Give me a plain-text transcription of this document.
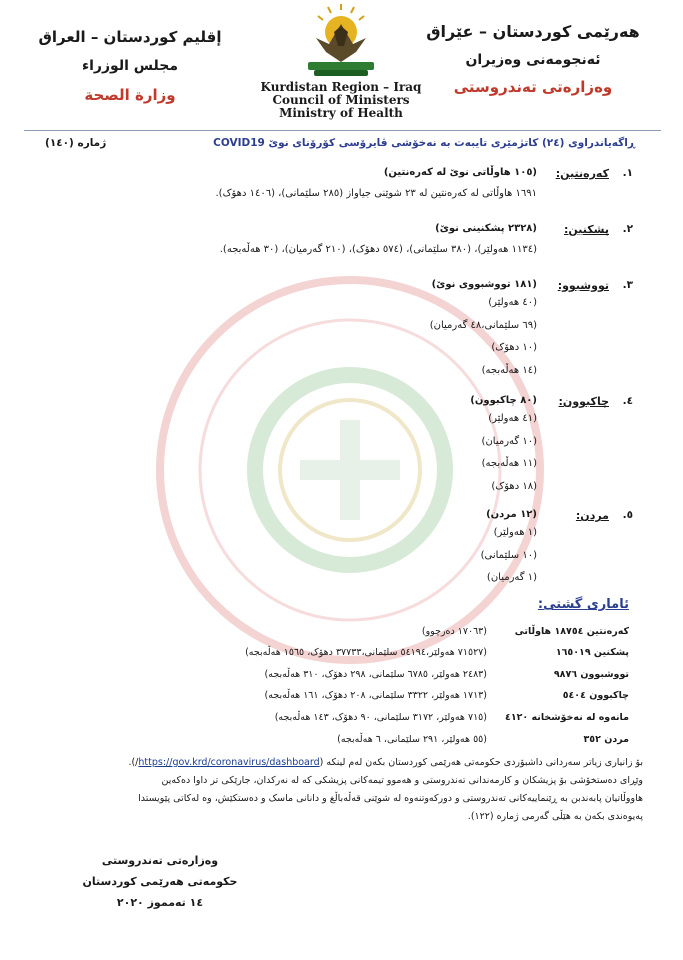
هەرێمی کوردستان – عێراق
ئەنجومەنی وەزیران
وەزارەتی تەندروستی
إقليم كوردستان – العراق
مجلس الوزراء
وزارة الصحة	Kurdistan Region – Iraq
Council of Ministers
Ministry of Health
ڕاگەیاندراوی (٢٤) کاتژمێری تایبەت بە نەخۆشی ڤایرۆسی کۆرۆنای نوێ COVID19
ژمارە (١٤٠)
١.
کەرەنتین:
(١٠٥ هاوڵاتی نوێ لە کەرەنتین)
١٦٩١ هاوڵاتی لە کەرەنتین لە ٢٣ شوێنی جیاواز (٢٨٥ سلێمانی)، (١٤٠٦ دهۆک).
٢.
پشکنین:
(٢٣٢٨ پشکنینی نوێ)
(١١٣٤ هەولێر)، (٣٨٠ سلێمانی)، (٥٧٤ دهۆک)، (٢١٠ گەرمیان)، (٣٠ هەڵەبجە).
٣.
تووشبوو:
(١٨١ تووشبووی نوێ)
(٤٠ هەولێر)
(٦٩ سلێمانی،٤٨ گەرمیان)
(١٠ دهۆک)
(١٤ هەڵەبجە)
٤.
چاکبوون:
(٨٠ چاکبوون)
(٤١ هەولێر)
(١٠ گەرمیان)
(١١ هەڵەبجە)
(١٨ دهۆک)
٥.
مردن:
(١٢ مردن)
(١ هەولێر)
(١٠ سلێمانی)
(١ گەرمیان)
ئاماری گشتی:
کەرەنتین ١٨٧٥٤ هاوڵاتی
(١٧٠٦٣ دەرچوو)
پشکنین ١٦٥٠١٩
(٧١٥٢٧ هەولێر،٥٤١٩٤ سلێمانی،٣٧٧٣٣ دهۆک، ١٥٦٥ هەڵەبجە)
تووشبوون ٩٨٧٦
(٢٤٨٣ هەولێر، ٦٧٨٥ سلێمانی، ٢٩٨ دهۆک، ٣١٠ هەڵەبجە)
چاکبوون ٥٤٠٤
(١٧١٣ هەولێر، ٣٣٢٢ سلێمانی، ٢٠٨ دهۆک، ١٦١ هەڵەبجە)
مانەوە لە نەخۆشخانە ٤١٢٠
(٧١٥ هەولێر، ٣١٧٢ سلێمانی، ٩٠ دهۆک، ١٤٣ هەڵەبجە)
مردن ٣٥٢
(٥٥ هەولێر، ٢٩١ سلێمانی، ٦ هەڵەبجە)
بۆ زانیاری زیاتر سەردانی داشبۆردی حکومەتی هەرێمی کوردستان بکەن لەم لینکە (https://gov.krd/coronavirus/dashboard/).
وێڕای دەستخۆشی بۆ پزیشکان و کارمەندانی تەندروستی و هەموو تیمەکانی پزیشکی کە لە نەرکدان، جارێکی تر داوا دەکەین
هاووڵاتیان پابەندبن بە ڕێنماییەکانی تەندروستی و دورکەوتنەوە لە شوێنی قەڵەباڵغ و دانانی ماسک و دەستکێش، وە لەکاتی پێویستدا
پەیوەندی بکەن بە هێڵی گەرمی ژمارە (١٢٢).
وەزارەتی تەندروستی
حکومەتی هەرێمی کوردستان
١٤ تەمموز ٢٠٢٠
